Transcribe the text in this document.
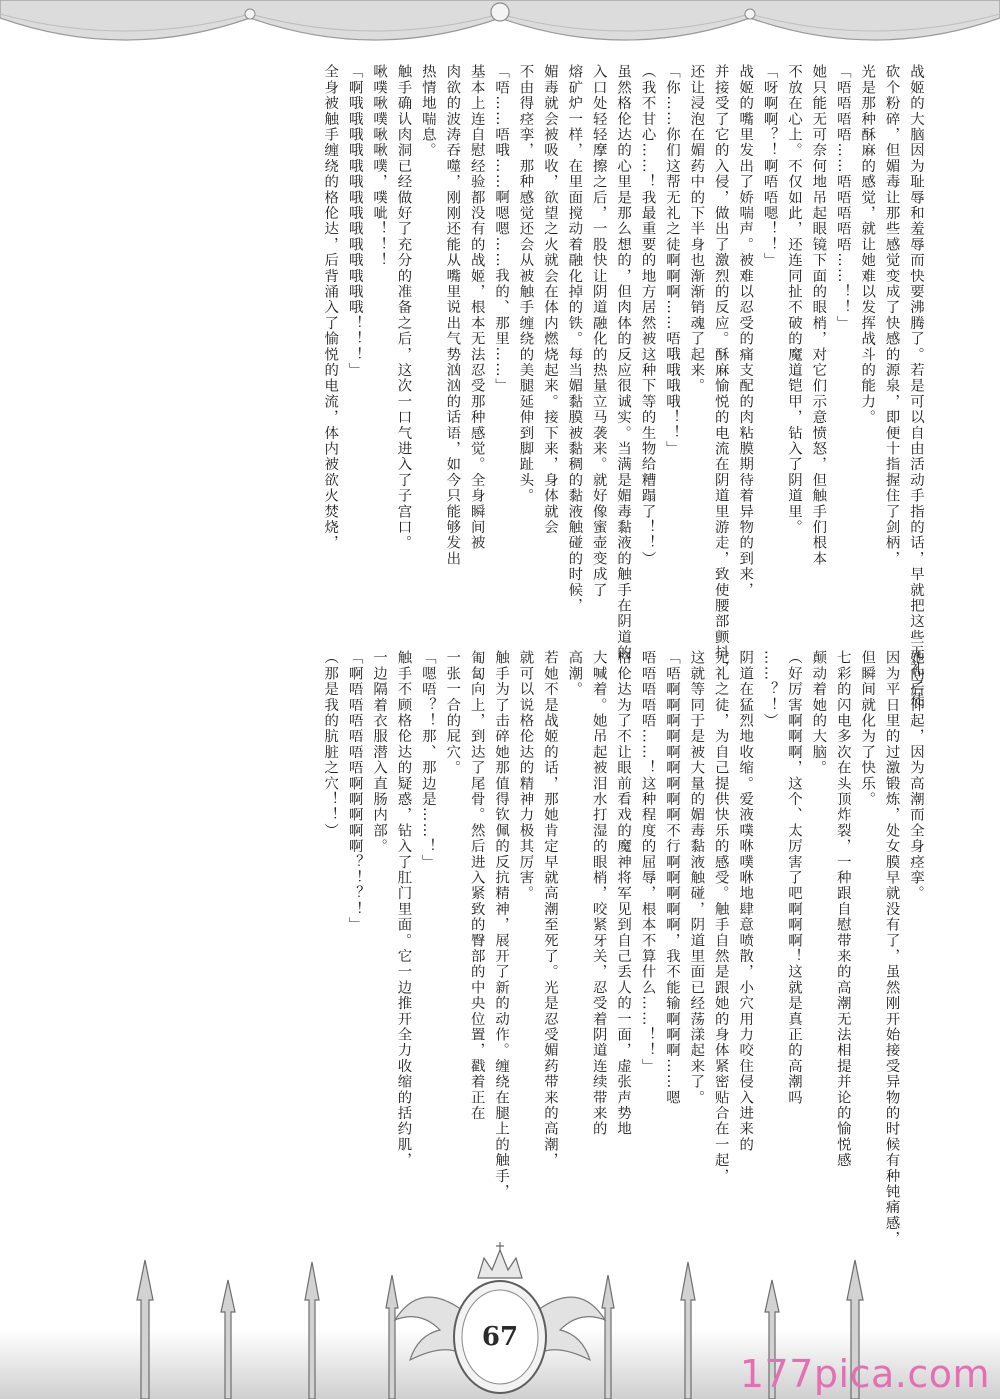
战姬的大脑因为耻辱和羞辱而快要沸腾了。若是可以自由活动手指的话，早就把这些无礼之徒
砍个粉碎，但媚毒让那些感觉变成了快感的源泉，即便十指握住了剑柄，
光是那种酥麻的感觉，就让她难以发挥战斗的能力。
「唔唔唔唔……唔唔唔唔唔……！！」
她只能无可奈何地吊起眼镜下面的眼梢，对它们示意愤怒，但触手们根本
不放在心上。不仅如此，还连同扯不破的魔道铠甲，钻入了阴道里。
「呀啊啊？！啊唔唔嗯！！」
战姬的嘴里发出了娇喘声。被难以忍受的痛支配的肉粘膜期待着异物的到来，
并接受了它的入侵，做出了激烈的反应。酥麻愉悦的电流在阴道里游走，致使腰部颤抖，
还让浸泡在媚药中的下半身也渐渐销魂了起来。
「你……你们这帮无礼之徒啊啊啊……唔哦哦哦哦！！」
（我不甘心……！我最重要的地方居然被这种下等的生物给糟蹋了！！）
虽然格伦达的心里是那么想的，但肉体的反应很诚实。当满是媚毒黏液的触手在阴道的
入口处轻轻摩擦之后，一股快让阴道融化的热量立马袭来。就好像蜜壶变成了
熔矿炉一样，在里面搅动着融化掉的铁。每当媚黏膜被黏稠的黏液触碰的时候，
媚毒就会被吸收，欲望之火就会在体内燃烧起来。接下来，身体就会
不由得痉挛，那种感觉还会从被触手缠绕的美腿延伸到脚趾头。
「唔……唔哦……啊嗯嗯……我的、那里……」
基本上连自慰经验都没有的战姬，根本无法忍受那种感觉。全身瞬间被
肉欲的波涛吞噬，刚刚还能从嘴里说出气势汹汹的话语，如今只能够发出
热情地喘息。
触手确认肉洞已经做好了充分的准备之后，这次一口气进入了子宫口。
啾噗啾噗啾啾噗，噗呲！！！
「啊哦哦哦哦哦哦哦哦哦哦哦哦哦哦！！！」
全身被触手缠绕的格伦达，后背涌入了愉悦的电流，体内被欲火焚烧，
她向后仰起，因为高潮而全身痉挛。
因为平日里的过激锻炼，处女膜早就没有了，虽然刚开始接受异物的时候有种钝痛感，
但瞬间就化为了快乐。
七彩的闪电多次在头顶炸裂，一种跟自慰带来的高潮无法相提并论的愉悦感
颠动着她的大脑。
（好厉害啊啊啊，这个、太厉害了吧啊啊啊！这就是真正的高潮吗
……？！）
阴道在猛烈地收缩。爱液噗咻噗咻地肆意喷散，小穴用力咬住侵入进来的
无礼之徒，为自己提供快乐的感受。触手自然是跟她的身体紧密贴合在一起，
这就等同于是被大量的媚毒黏液触碰，阴道里面已经荡漾起来了。
「唔啊啊啊啊啊啊啊啊啊不行啊啊啊啊啊，我不能输啊啊啊……嗯
唔唔唔唔唔……！这种程度的屈辱，根本不算什么……！！」
格伦达为了不让眼前看戏的魔神将军见到自己丢人的一面，虚张声势地
大喊着。她吊起被泪水打湿的眼梢，咬紧牙关，忍受着阴道连续带来的
高潮。
若她不是战姬的话，那她肯定早就高潮至死了。光是忍受媚药带来的高潮，
就可以说格伦达的精神力极其厉害。
触手为了击碎她那值得钦佩的反抗精神，展开了新的动作。缠绕在腿上的触手，
匍匐向上，到达了尾骨。然后进入紧致的臀部的中央位置，戳着正在
一张一合的屁穴。
「嗯唔？！那、那边是……！」
触手不顾格伦达的疑惑，钻入了肛门里面。它一边推开全力收缩的括约肌，
一边隔着衣服潜入直肠内部。
「啊唔唔唔唔唔唔啊啊啊啊啊？！？！」
（那是我的肮脏之穴！！）
67
177pica.com
